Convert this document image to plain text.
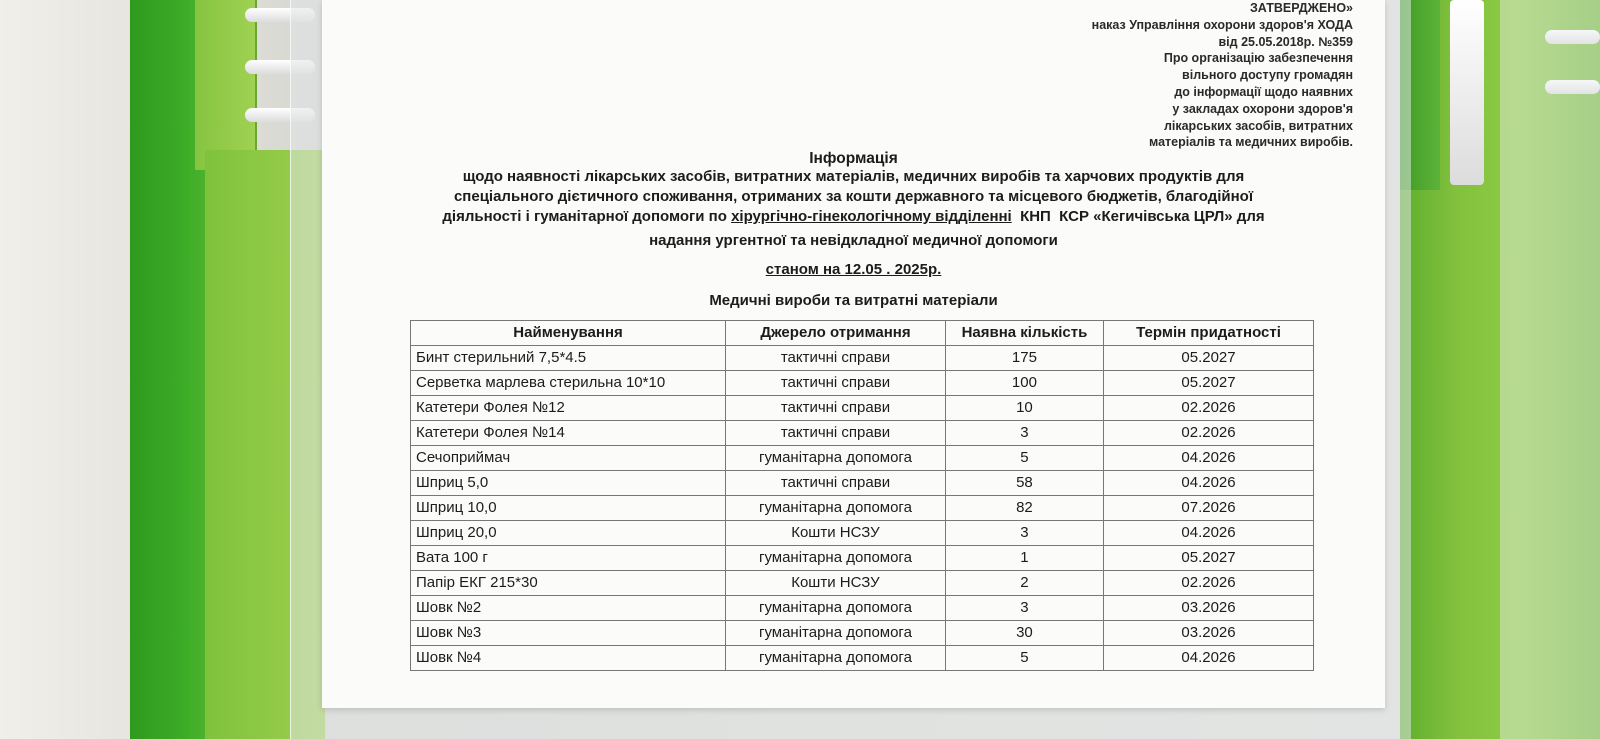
ЗАТВЕРДЖЕНО»
наказ Управління охорони здоров'я ХОДА
від 25.05.2018р. №359
Про організацію забезпечення
вільного доступу громадян
до інформації щодо наявних
у закладах охорони здоров'я
лікарських засобів, витратних
матеріалів та медичних виробів.
Інформація
щодо наявності лікарських засобів, витратних матеріалів, медичних виробів та харчових продуктів для
спеціального дієтичного споживання, отриманих за кошти державного та місцевого бюджетів, благодійної
діяльності і гуманітарної допомоги по хірургічно-гінекологічному відділенні  КНП  КСР «Кегичівська ЦРЛ» для
надання ургентної та невідкладної медичної допомоги
станом на 12.05 . 2025р.
Медичні вироби та витратні матеріали
Найменування	Джерело отримання	Наявна кількість	Термін придатності
Бинт стерильний 7,5*4.5	тактичні справи	175	05.2027
Серветка марлева стерильна 10*10	тактичні справи	100	05.2027
Катетери Фолея №12	тактичні справи	10	02.2026
Катетери Фолея №14	тактичні справи	3	02.2026
Сечоприймач	гуманітарна допомога	5	04.2026
Шприц 5,0	тактичні справи	58	04.2026
Шприц 10,0	гуманітарна допомога	82	07.2026
Шприц 20,0	Кошти НСЗУ	3	04.2026
Вата 100 г	гуманітарна допомога	1	05.2027
Папір ЕКГ 215*30	Кошти НСЗУ	2	02.2026
Шовк №2	гуманітарна допомога	3	03.2026
Шовк №3	гуманітарна допомога	30	03.2026
Шовк №4	гуманітарна допомога	5	04.2026
